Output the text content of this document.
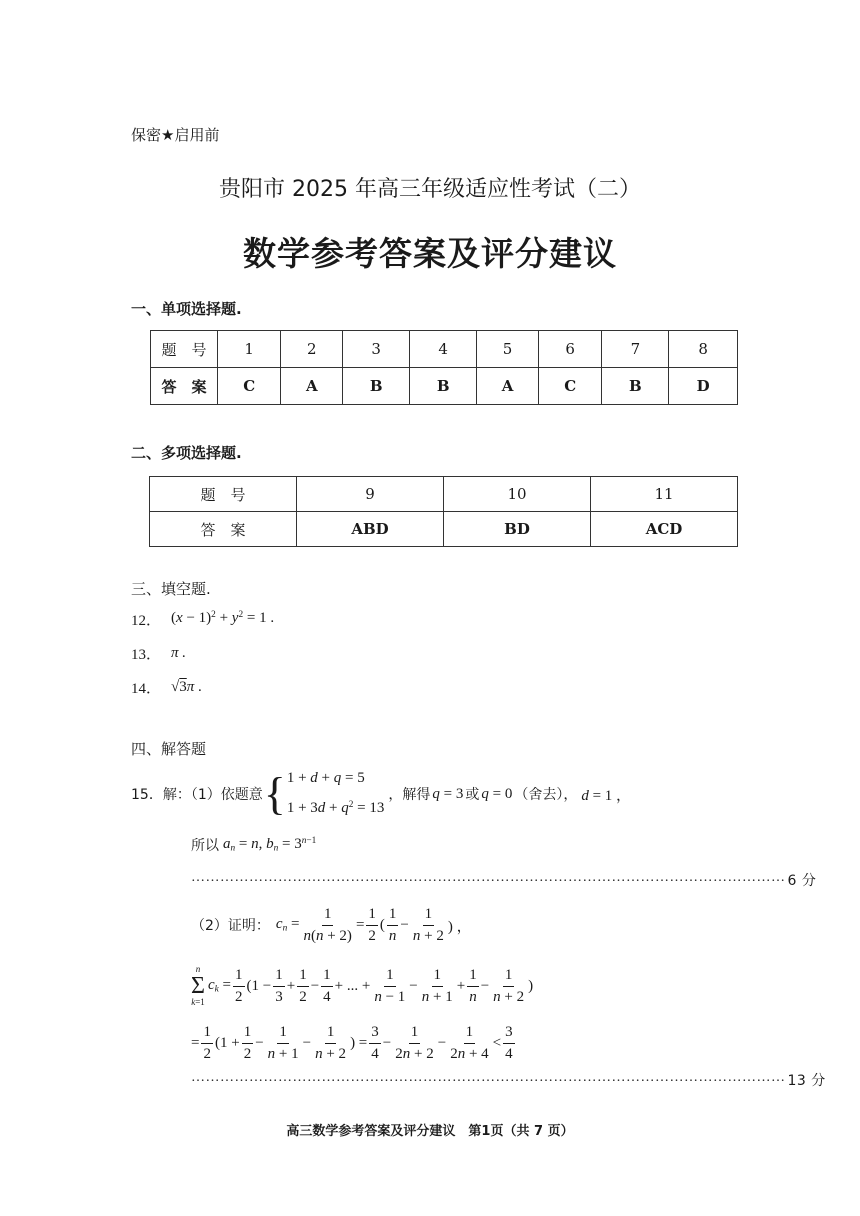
保密★启用前
贵阳市 2025 年高三年级适应性考试（二）
数学参考答案及评分建议
一、单项选择题.
题　号	1	2	3	4	5	6	7	8
答　案	C	A	B	B	A	C	B	D
二、多项选择题.
题　号	9	10	11
答　案	ABD	BD	ACD
三、填空题.
12． $(x - 1)^2 + y^2 = 1$ .
13． π .
14． √3π .
四、解答题
15．解：（1）依题意 { 1 + d + q = 5
$1 + 3d + q^2 = 13$
，解得 q = 3 或 q = 0 （舍去）， d = 1 ，
所以 $a_n = n$, $b_n = 3^{n-1}$
…………………………………………………………………………………………………………… 6 分
（2）证明： $c_n = \frac{1}{n(n + 2)} = \frac{1}{2}$ ( $\frac{1}{n} - \frac{1}{n + 2}$ ) ，
n
Σ
k=1
$c_k = \frac{1}{2} (1 - \frac{1}{3} + \frac{1}{2} - \frac{1}{4}$ + ... + $\frac{1}{n - 1} - \frac{1}{n + 1} + \frac{1}{n} - \frac{1}{n + 2}$ )
= $\frac{1}{2} (1 + \frac{1}{2} - \frac{1}{n + 1} - \frac{1}{n + 2}$ ) = $\frac{3}{4} - \frac{1}{2n + 2} - \frac{1}{2n + 4} < \frac{3}{4}$
…………………………………………………………………………………………………………… 13 分
高三数学参考答案及评分建议　第1页（共 7 页）
